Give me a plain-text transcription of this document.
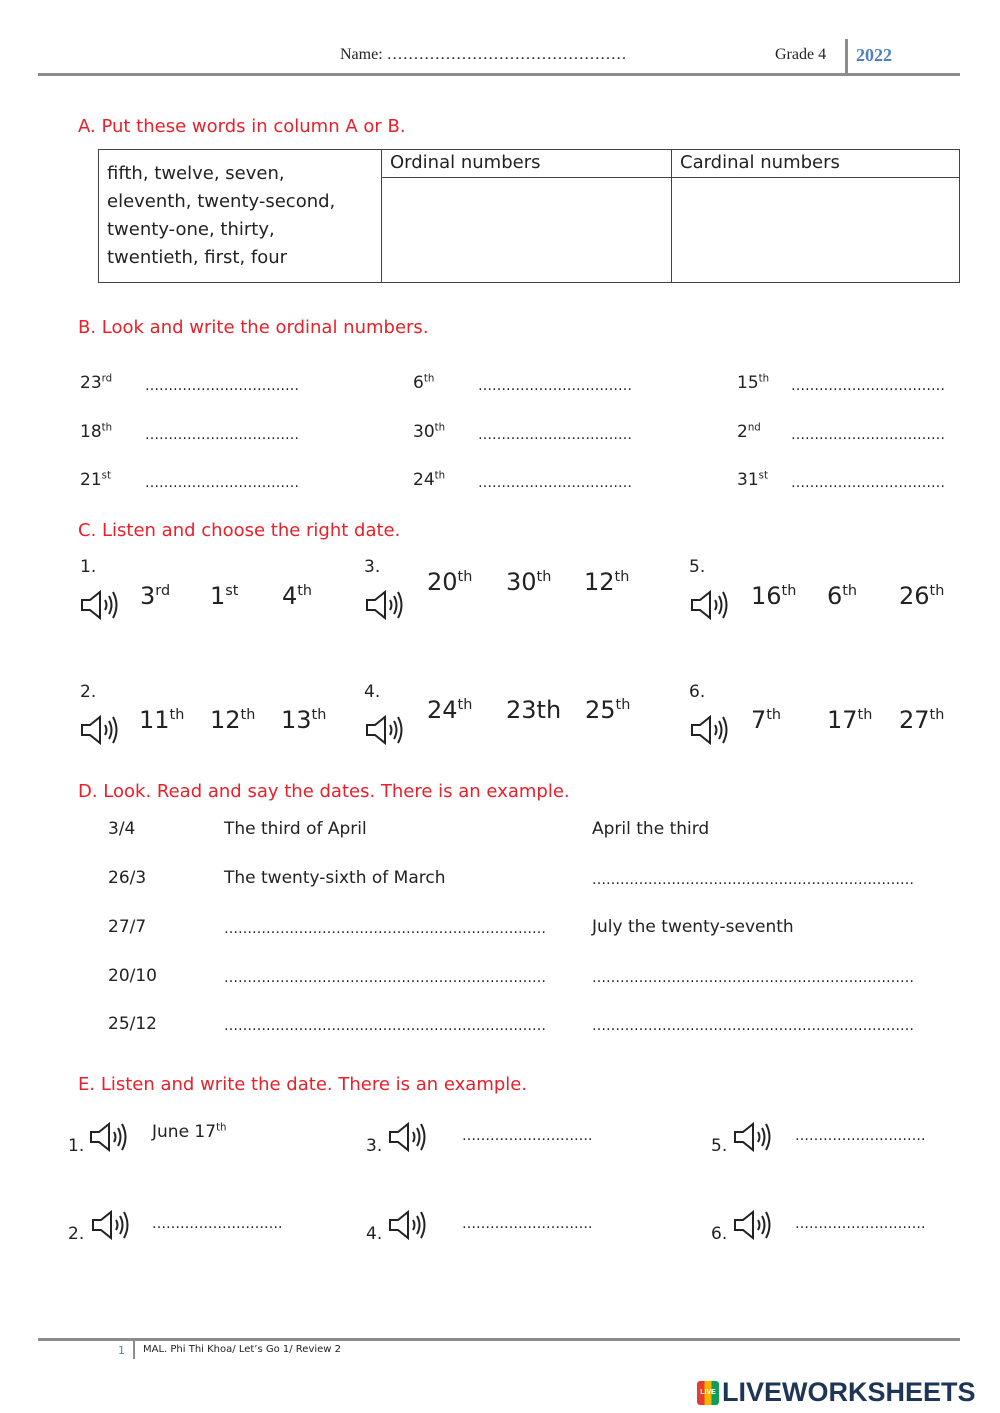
Name: ………………………………………	Grade 4 2022
A. Put these words in column A or B.
fifth, twelve, seven,
eleventh, twenty-second,
twenty-one, thirty,
twentieth, first, four	Ordinal numbers	Cardinal numbers

B. Look and write the ordinal numbers.
23rd ……………………………	6th	……………………………	15th ……………………………
18th ……………………………	30th ……………………………	2nd ……………………………
21st ……………………………	24th ……………………………	31st ……………………………
C. Listen and choose the right date.
1.
3rd 1st 4th
3.
20th 30th 12th	5.
16th 6th 26th
2.
11th 12th 13th
4.
24th 23th 25th
6.
7th 17th 27th
D. Look. Read and say the dates. There is an example.
3/4	The third of April	April the third
26/3	The twenty-sixth of March	……………………………………………………………
27/7	……………………………………………………………	July the twenty-seventh
20/10	……………………………………………………………	……………………………………………………………
25/12	……………………………………………………………	……………………………………………………………
E. Listen and write the date. There is an example.
1.
June 17th
3.	……………………….	5.	……………………….
2.	……………………….	4.	……………………….	6.	……………………….
1 MAL. Phi Thi Khoa/ Let’s Go 1/ Review 2
LIVE LIVEWORKSHEETS
